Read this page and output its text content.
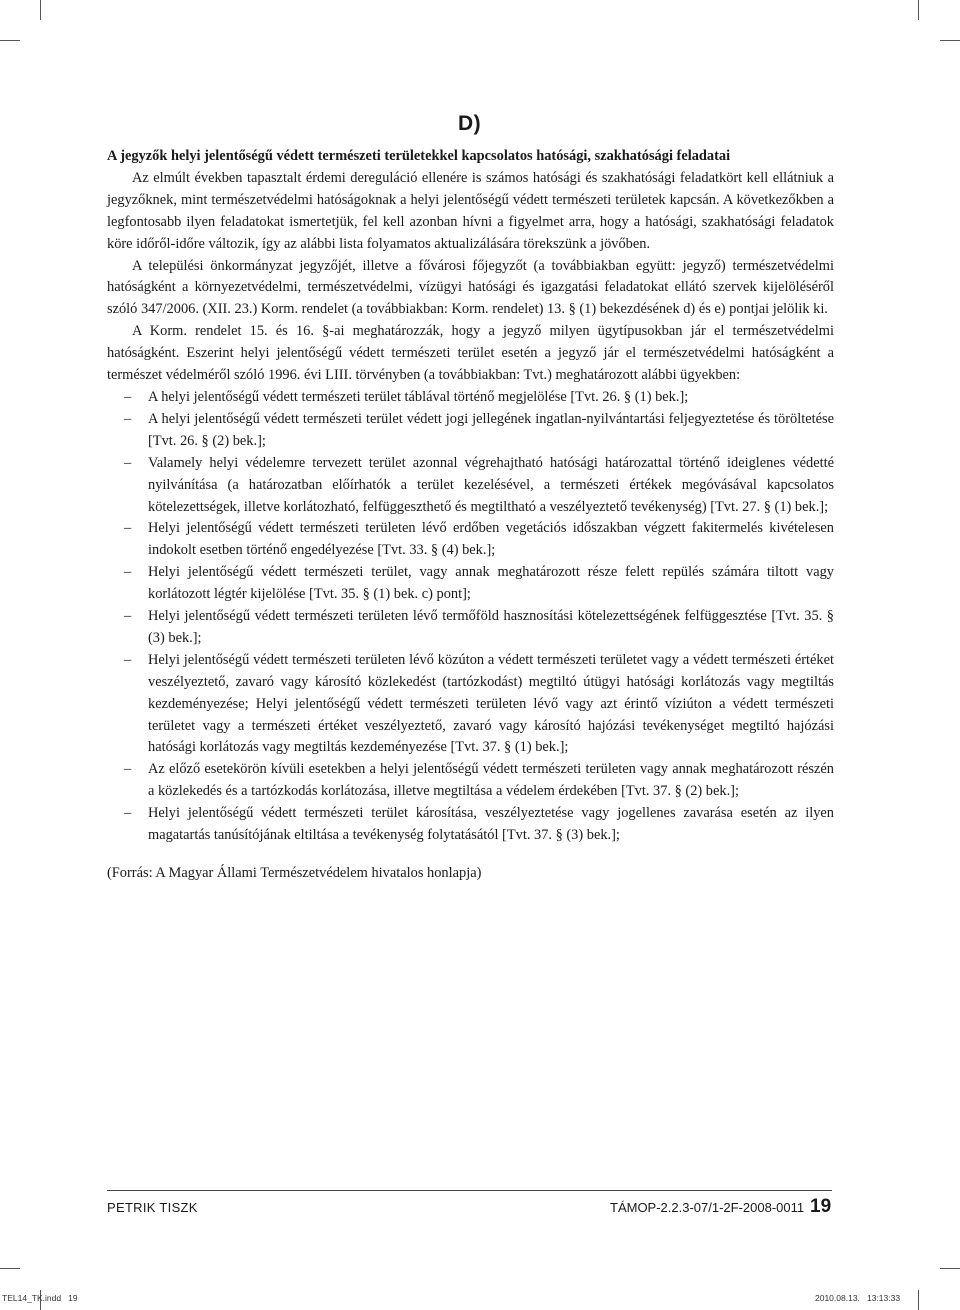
D)

A jegyzők helyi jelentőségű védett természeti területekkel kapcsolatos hatósági, szakhatósági feladatai

Az elmúlt években tapasztalt érdemi dereguláció ellenére is számos hatósági és szakhatósági feladatkört kell ellátniuk a jegyzőknek, mint természetvédelmi hatóságoknak a helyi jelentőségű védett természeti területek kapcsán. A következőkben a legfontosabb ilyen feladatokat ismertetjük, fel kell azonban hívni a figyelmet arra, hogy a hatósági, szakhatósági feladatok köre időről-időre változik, így az alábbi lista folyamatos aktualizálására törekszünk a jövőben.

A települési önkormányzat jegyzőjét, illetve a fővárosi főjegyzőt (a továbbiakban együtt: jegyző) természetvédelmi hatóságként a környezetvédelmi, természetvédelmi, vízügyi hatósági és igazgatási feladatokat ellátó szervek kijelöléséről szóló 347/2006. (XII. 23.) Korm. rendelet (a továbbiakban: Korm. rendelet) 13. § (1) bekezdésének d) és e) pontjai jelölik ki.

A Korm. rendelet 15. és 16. §-ai meghatározzák, hogy a jegyző milyen ügytípusokban jár el természetvédelmi hatóságként. Eszerint helyi jelentőségű védett természeti terület esetén a jegyző jár el természetvédelmi hatóságként a természet védelméről szóló 1996. évi LIII. törvényben (a továbbiakban: Tvt.) meghatározott alábbi ügyekben:

– A helyi jelentőségű védett természeti terület táblával történő megjelölése [Tvt. 26. § (1) bek.];
– A helyi jelentőségű védett természeti terület védett jogi jellegének ingatlan-nyilvántartási feljegyeztetése és töröltetése [Tvt. 26. § (2) bek.];
– Valamely helyi védelemre tervezett terület azonnal végrehajtható hatósági határozattal történő ideiglenes védetté nyilvánítása (a határozatban előírhatók a terület kezelésével, a természeti értékek megóvásával kapcsolatos kötelezettségek, illetve korlátozható, felfüggeszthető és megtiltható a veszélyeztető tevékenység) [Tvt. 27. § (1) bek.];
– Helyi jelentőségű védett természeti területen lévő erdőben vegetációs időszakban végzett fakitermelés kivételesen indokolt esetben történő engedélyezése [Tvt. 33. § (4) bek.];
– Helyi jelentőségű védett természeti terület, vagy annak meghatározott része felett repülés számára tiltott vagy korlátozott légtér kijelölése [Tvt. 35. § (1) bek. c) pont];
– Helyi jelentőségű védett természeti területen lévő termőföld hasznosítási kötelezettségének felfüggesztése [Tvt. 35. § (3) bek.];
– Helyi jelentőségű védett természeti területen lévő közúton a védett természeti területet vagy a védett természeti értéket veszélyeztető, zavaró vagy károsító közlekedést (tartózkodást) megtiltó útügyi hatósági korlátozás vagy megtiltás kezdeményezése; Helyi jelentőségű védett természeti területen lévő vagy azt érintő víziúton a védett természeti területet vagy a természeti értéket veszélyeztető, zavaró vagy károsító hajózási tevékenységet megtiltó hajózási hatósági korlátozás vagy megtiltás kezdeményezése [Tvt. 37. § (1) bek.];
– Az előző esetekörön kívüli esetekben a helyi jelentőségű védett természeti területen vagy annak meghatározott részén a közlekedés és a tartózkodás korlátozása, illetve megtiltása a védelem érdekében [Tvt. 37. § (2) bek.];
– Helyi jelentőségű védett természeti terület károsítása, veszélyeztetése vagy jogellenes zavarása esetén az ilyen magatartás tanúsítójának eltiltása a tevékenység folytatásától [Tvt. 37. § (3) bek.];

(Forrás: A Magyar Állami Természetvédelem hivatalos honlapja)

PETRIK TISZK	TÁMOP-2.2.3-07/1-2F-2008-0011 19
TEL14_TK.indd   19	2010.08.13.   13:13:33
